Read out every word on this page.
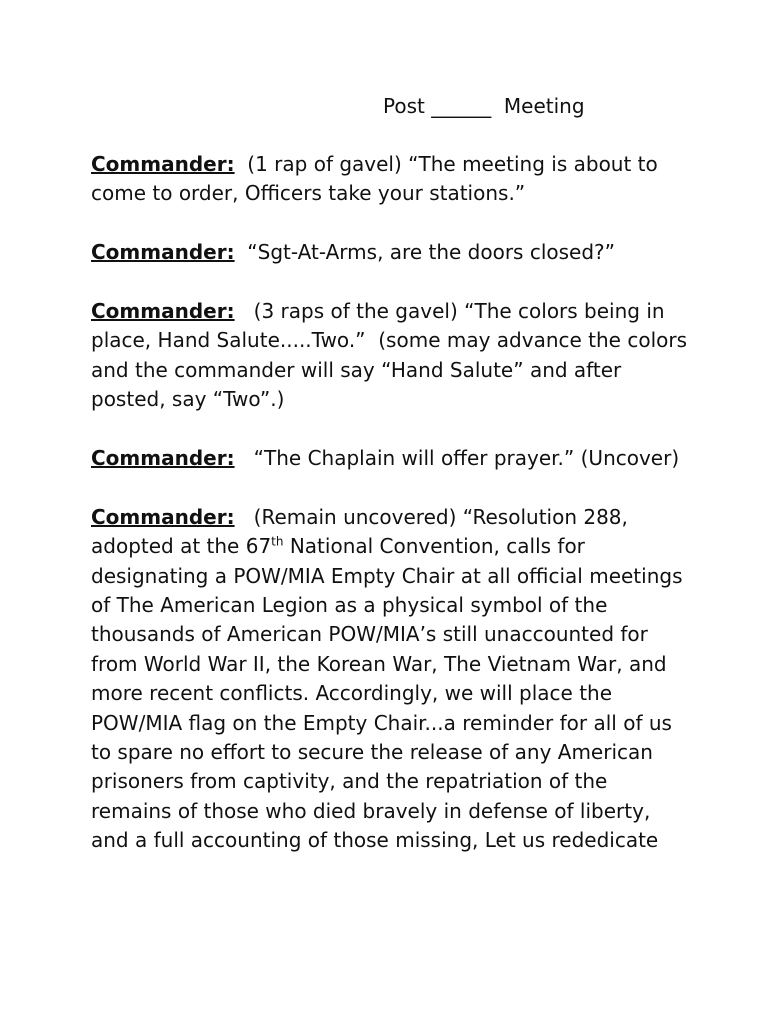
Post ______  Meeting

Commander:  (1 rap of gavel) “The meeting is about to come to order, Officers take your stations.”

Commander:  “Sgt-At-Arms, are the doors closed?”

Commander:   (3 raps of the gavel) “The colors being in place, Hand Salute.....Two.”  (some may advance the colors and the commander will say “Hand Salute” and after posted, say “Two”.)

Commander:   “The Chaplain will offer prayer.” (Uncover)

Commander:   (Remain uncovered) “Resolution 288, adopted at the 67th National Convention, calls for designating a POW/MIA Empty Chair at all official meetings of The American Legion as a physical symbol of the thousands of American POW/MIA’s still unaccounted for from World War II, the Korean War, The Vietnam War, and more recent conflicts. Accordingly, we will place the POW/MIA flag on the Empty Chair...a reminder for all of us to spare no effort to secure the release of any American prisoners from captivity, and the repatriation of the remains of those who died bravely in defense of liberty, and a full accounting of those missing, Let us rededicate
